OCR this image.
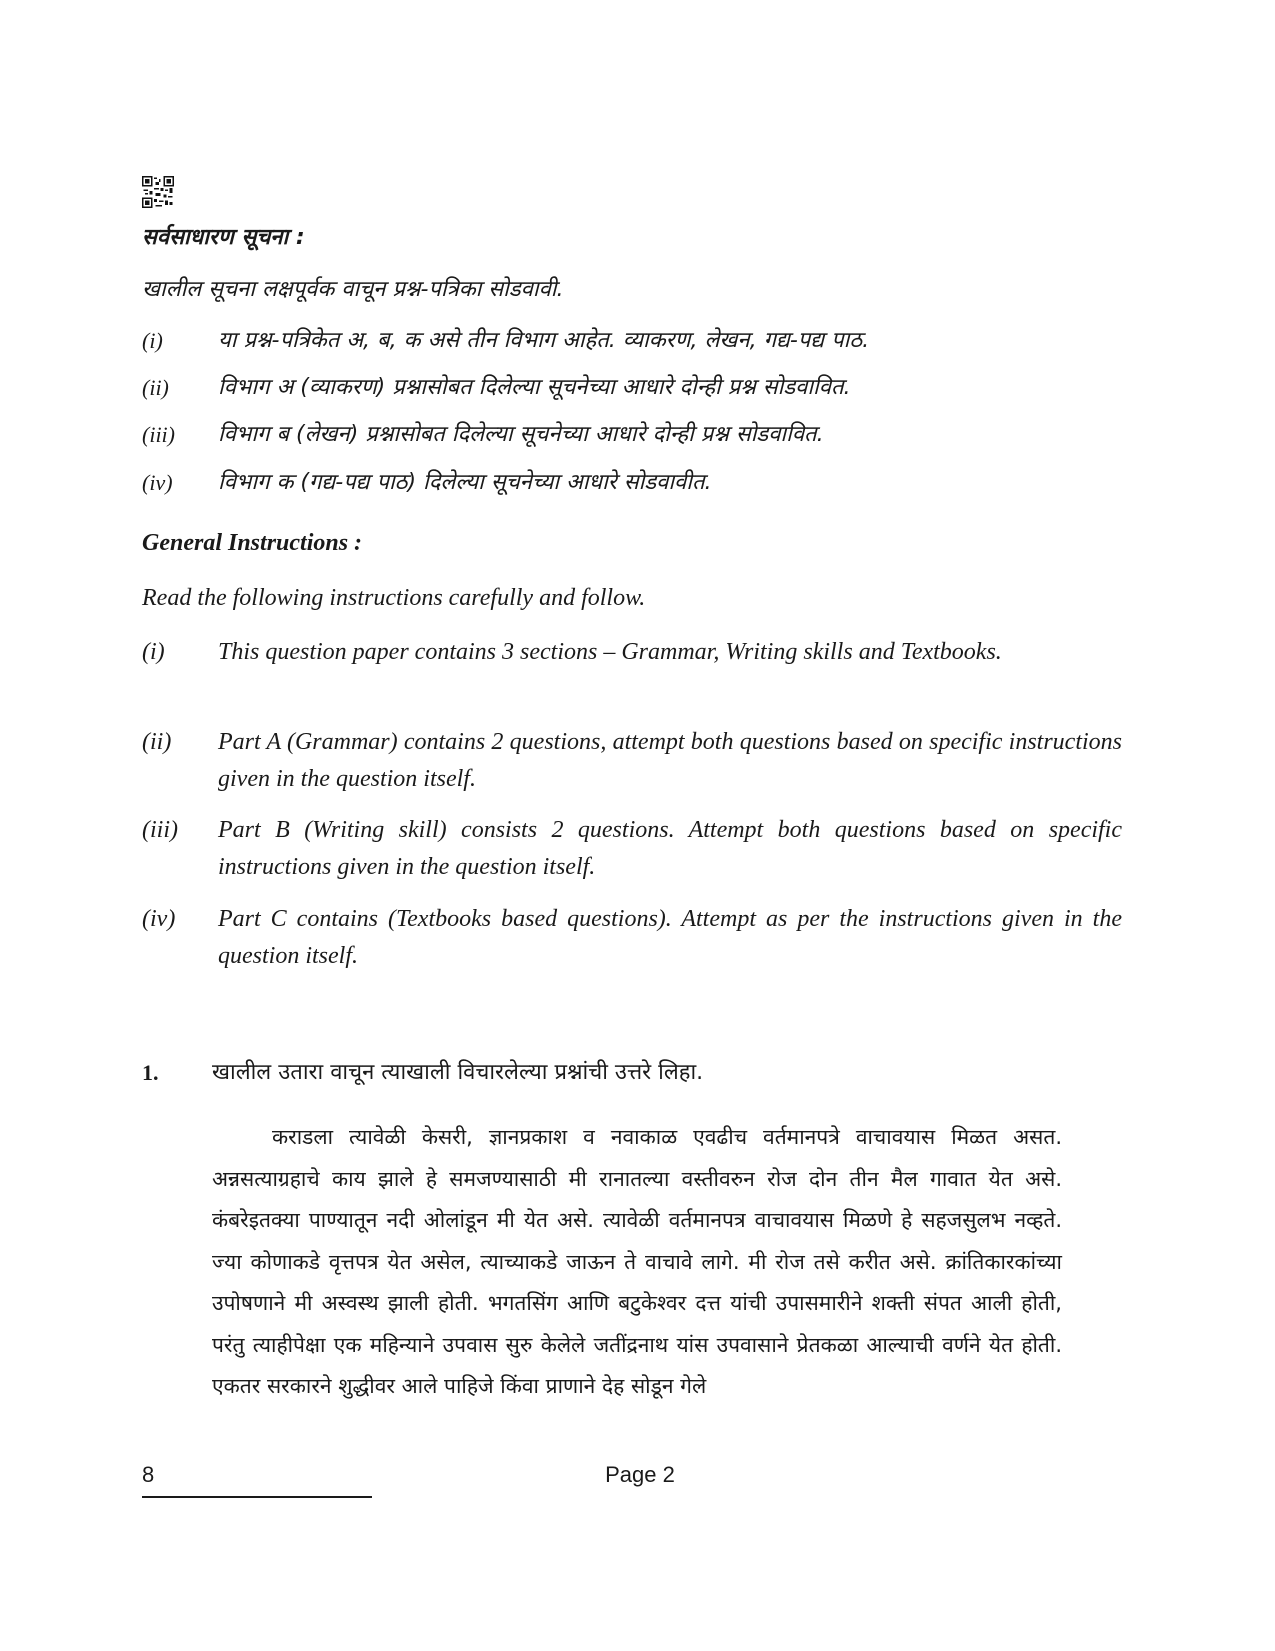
सर्वसाधारण सूचना :
खालील सूचना लक्षपूर्वक वाचून प्रश्न-पत्रिका सोडवावी.
(i)	या प्रश्न-पत्रिकेत अ, ब, क असे तीन विभाग आहेत. व्याकरण, लेखन, गद्य-पद्य पाठ.
(ii) विभाग अ (व्याकरण) प्रश्नासोबत दिलेल्या सूचनेच्या आधारे दोन्ही प्रश्न सोडवावित.
(iii) विभाग ब (लेखन) प्रश्नासोबत दिलेल्या सूचनेच्या आधारे दोन्ही प्रश्न सोडवावित.
(iv) विभाग क (गद्य-पद्य पाठ) दिलेल्या सूचनेच्या आधारे सोडवावीत.
General Instructions :
Read the following instructions carefully and follow.
(i) This question paper contains 3 sections – Grammar, Writing skills and Textbooks.
(ii) Part A (Grammar) contains 2 questions, attempt both questions based on specific instructions given in the question itself.
(iii) Part B (Writing skill) consists 2 questions. Attempt both questions based on specific instructions given in the question itself.
(iv) Part C contains (Textbooks based questions). Attempt as per the instructions given in the question itself.
1. खालील उतारा वाचून त्याखाली विचारलेल्या प्रश्नांची उत्तरे लिहा.
कराडला त्यावेळी केसरी, ज्ञानप्रकाश व नवाकाळ एवढीच वर्तमानपत्रे वाचावयास मिळत असत. अन्नसत्याग्रहाचे काय झाले हे समजण्यासाठी मी रानातल्या वस्तीवरुन रोज दोन तीन मैल गावात येत असे. कंबरेइतक्या पाण्यातून नदी ओलांडून मी येत असे. त्यावेळी वर्तमानपत्र वाचावयास मिळणे हे सहजसुलभ नव्हते. ज्या कोणाकडे वृत्तपत्र येत असेल, त्याच्याकडे जाऊन ते वाचावे लागे. मी रोज तसे करीत असे. क्रांतिकारकांच्या उपोषणाने मी अस्वस्थ झाली होती. भगतसिंग आणि बटुकेश्वर दत्त यांची उपासमारीने शक्ती संपत आली होती, परंतु त्याहीपेक्षा एक महिन्याने उपवास सुरु केलेले जतींद्रनाथ यांस उपवासाने प्रेतकळा आल्याची वर्णने येत होती. एकतर सरकारने शुद्धीवर आले पाहिजे किंवा प्राणाने देह सोडून गेले
8	Page 2
